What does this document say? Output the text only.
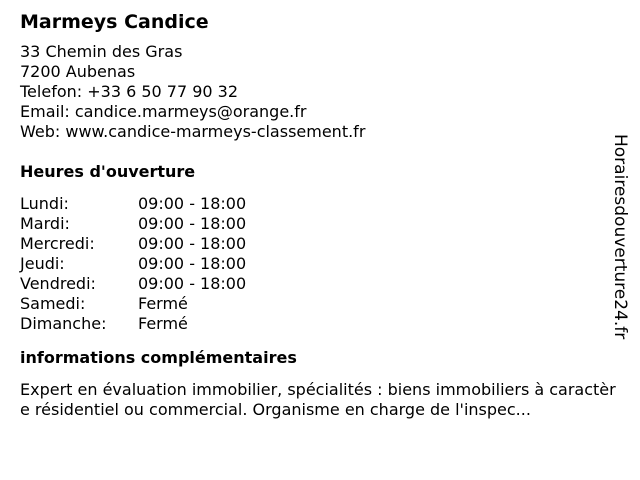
Marmeys Candice
33 Chemin des Gras
7200 Aubenas
Telefon: +33 6 50 77 90 32
Email: candice.marmeys@orange.fr
Web: www.candice-marmeys-classement.fr
Heures d'ouverture
Lundi:	09:00 - 18:00
Mardi:	09:00 - 18:00
Mercredi:	09:00 - 18:00
Jeudi:	09:00 - 18:00
Vendredi:	09:00 - 18:00
Samedi:	Fermé
Dimanche:	Fermé
informations complémentaires
Expert en évaluation immobilier, spécialités : biens immobiliers à caractère résidentiel ou commercial. Organisme en charge de l'inspec...
Horairesdouverture24.fr
